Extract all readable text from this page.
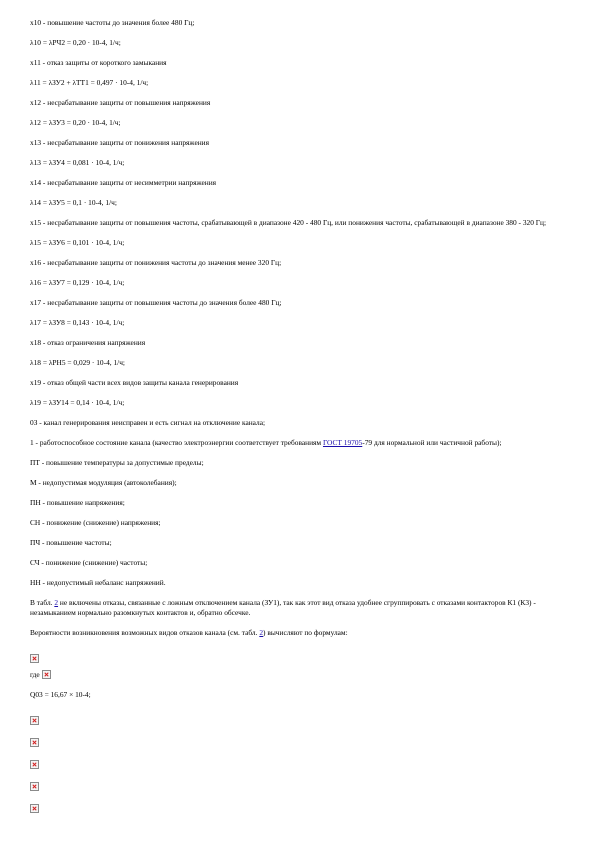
x10 - повышение частоты до значения более 480 Гц;

λ10 = λРЧ2 = 0,20 · 10-4, 1/ч;

x11 - отказ защиты от короткого замыкания

λ11 = λЗУ2 + λТТ1 = 0,497 · 10-4, 1/ч;

x12 - несрабатывание защиты от повышения напряжения

λ12 = λЗУ3 = 0,20 · 10-4, 1/ч;

x13 - несрабатывание защиты от понижения напряжения

λ13 = λЗУ4 = 0,081 · 10-4, 1/ч;

x14 - несрабатывание защиты от несимметрии напряжения

λ14 = λЗУ5 = 0,1 · 10-4, 1/ч;

x15 - несрабатывание защиты от повышения частоты, срабатывающей в диапазоне 420 - 480 Гц, или понижения частоты, срабатывающей в диапазоне 380 - 320 Гц;

λ15 = λЗУ6 = 0,101 · 10-4, 1/ч;

x16 - несрабатывание защиты от понижения частоты до значения менее 320 Гц;

λ16 = λЗУ7 = 0,129 · 10-4, 1/ч;

x17 - несрабатывание защиты от повышения частоты до значения более 480 Гц;

λ17 = λЗУ8 = 0,143 · 10-4, 1/ч;

x18 - отказ ограничения напряжения

λ18 = λРН5 = 0,029 · 10-4, 1/ч;

x19 - отказ общей части всех видов защиты канала генерирования

λ19 = λЗУ14 = 0,14 · 10-4, 1/ч;

0З - канал генерирования неисправен и есть сигнал на отключение канала;

1 - работоспособное состояние канала (качество электроэнергии соответствует требованиям ГОСТ 19705-79 для нормальной или частичной работы);

ПТ - повышение температуры за допустимые пределы;

М - недопустимая модуляция (автоколебания);

ПН - повышение напряжения;

СН - понижение (снижение) напряжения;

ПЧ - повышение частоты;

СЧ - понижение (снижение) частоты;

НН - недопустимый небаланс напряжений.

В табл. 2 не включены отказы, связанные с ложным отключением канала (ЗУ1), так как этот вид отказа удобнее сгруппировать с отказами контакторов К1 (К3) - незамыканием нормально разомкнутых контактов и, обратно обсечке.

Вероятности возникновения возможных видов отказов канала (см. табл. 2) вычисляют по формулам:

где

Q03 = 16,67 × 10-4;
